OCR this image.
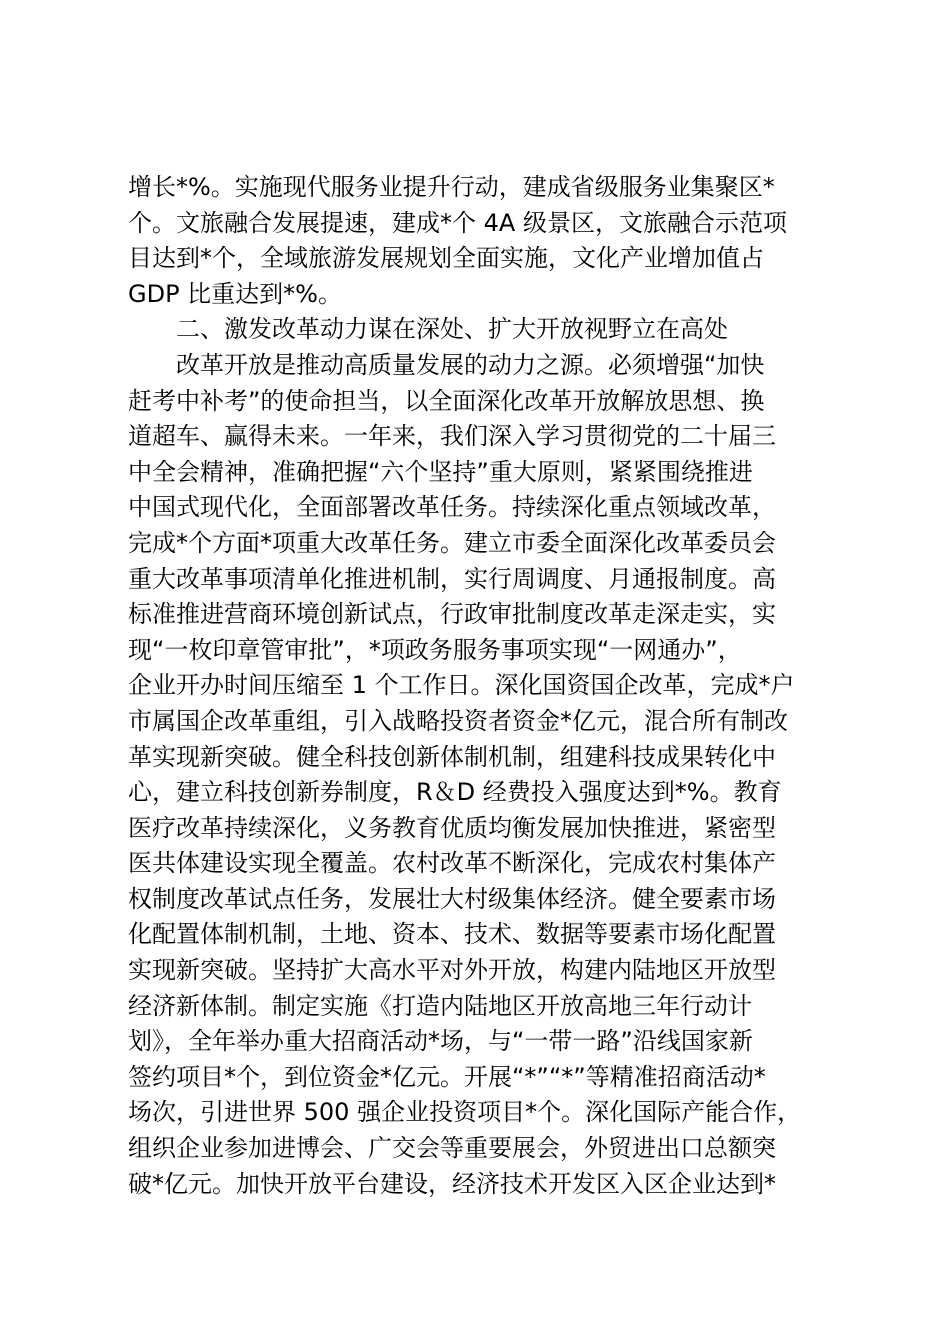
增长*%。实施现代服务业提升行动，建成省级服务业集聚区*
个。文旅融合发展提速，建成*个 4A 级景区，文旅融合示范项
目达到*个，全域旅游发展规划全面实施，文化产业增加值占
GDP 比重达到*%。
二、激发改革动力谋在深处、扩大开放视野立在高处
改革开放是推动高质量发展的动力之源。必须增强“加快
赶考中补考”的使命担当，以全面深化改革开放解放思想、换
道超车、赢得未来。一年来，我们深入学习贯彻党的二十届三
中全会精神，准确把握“六个坚持”重大原则，紧紧围绕推进
中国式现代化，全面部署改革任务。持续深化重点领域改革，
完成*个方面*项重大改革任务。建立市委全面深化改革委员会
重大改革事项清单化推进机制，实行周调度、月通报制度。高
标准推进营商环境创新试点，行政审批制度改革走深走实，实
现“一枚印章管审批”，*项政务服务事项实现“一网通办”，
企业开办时间压缩至 1 个工作日。深化国资国企改革，完成*户
市属国企改革重组，引入战略投资者资金*亿元，混合所有制改
革实现新突破。健全科技创新体制机制，组建科技成果转化中
心，建立科技创新券制度，R＆D 经费投入强度达到*%。教育
医疗改革持续深化，义务教育优质均衡发展加快推进，紧密型
医共体建设实现全覆盖。农村改革不断深化，完成农村集体产
权制度改革试点任务，发展壮大村级集体经济。健全要素市场
化配置体制机制，土地、资本、技术、数据等要素市场化配置
实现新突破。坚持扩大高水平对外开放，构建内陆地区开放型
经济新体制。制定实施《打造内陆地区开放高地三年行动计
划》，全年举办重大招商活动*场，与“一带一路”沿线国家新
签约项目*个，到位资金*亿元。开展“*”“*”等精准招商活动*
场次，引进世界 500 强企业投资项目*个。深化国际产能合作，
组织企业参加进博会、广交会等重要展会，外贸进出口总额突
破*亿元。加快开放平台建设，经济技术开发区入区企业达到*
